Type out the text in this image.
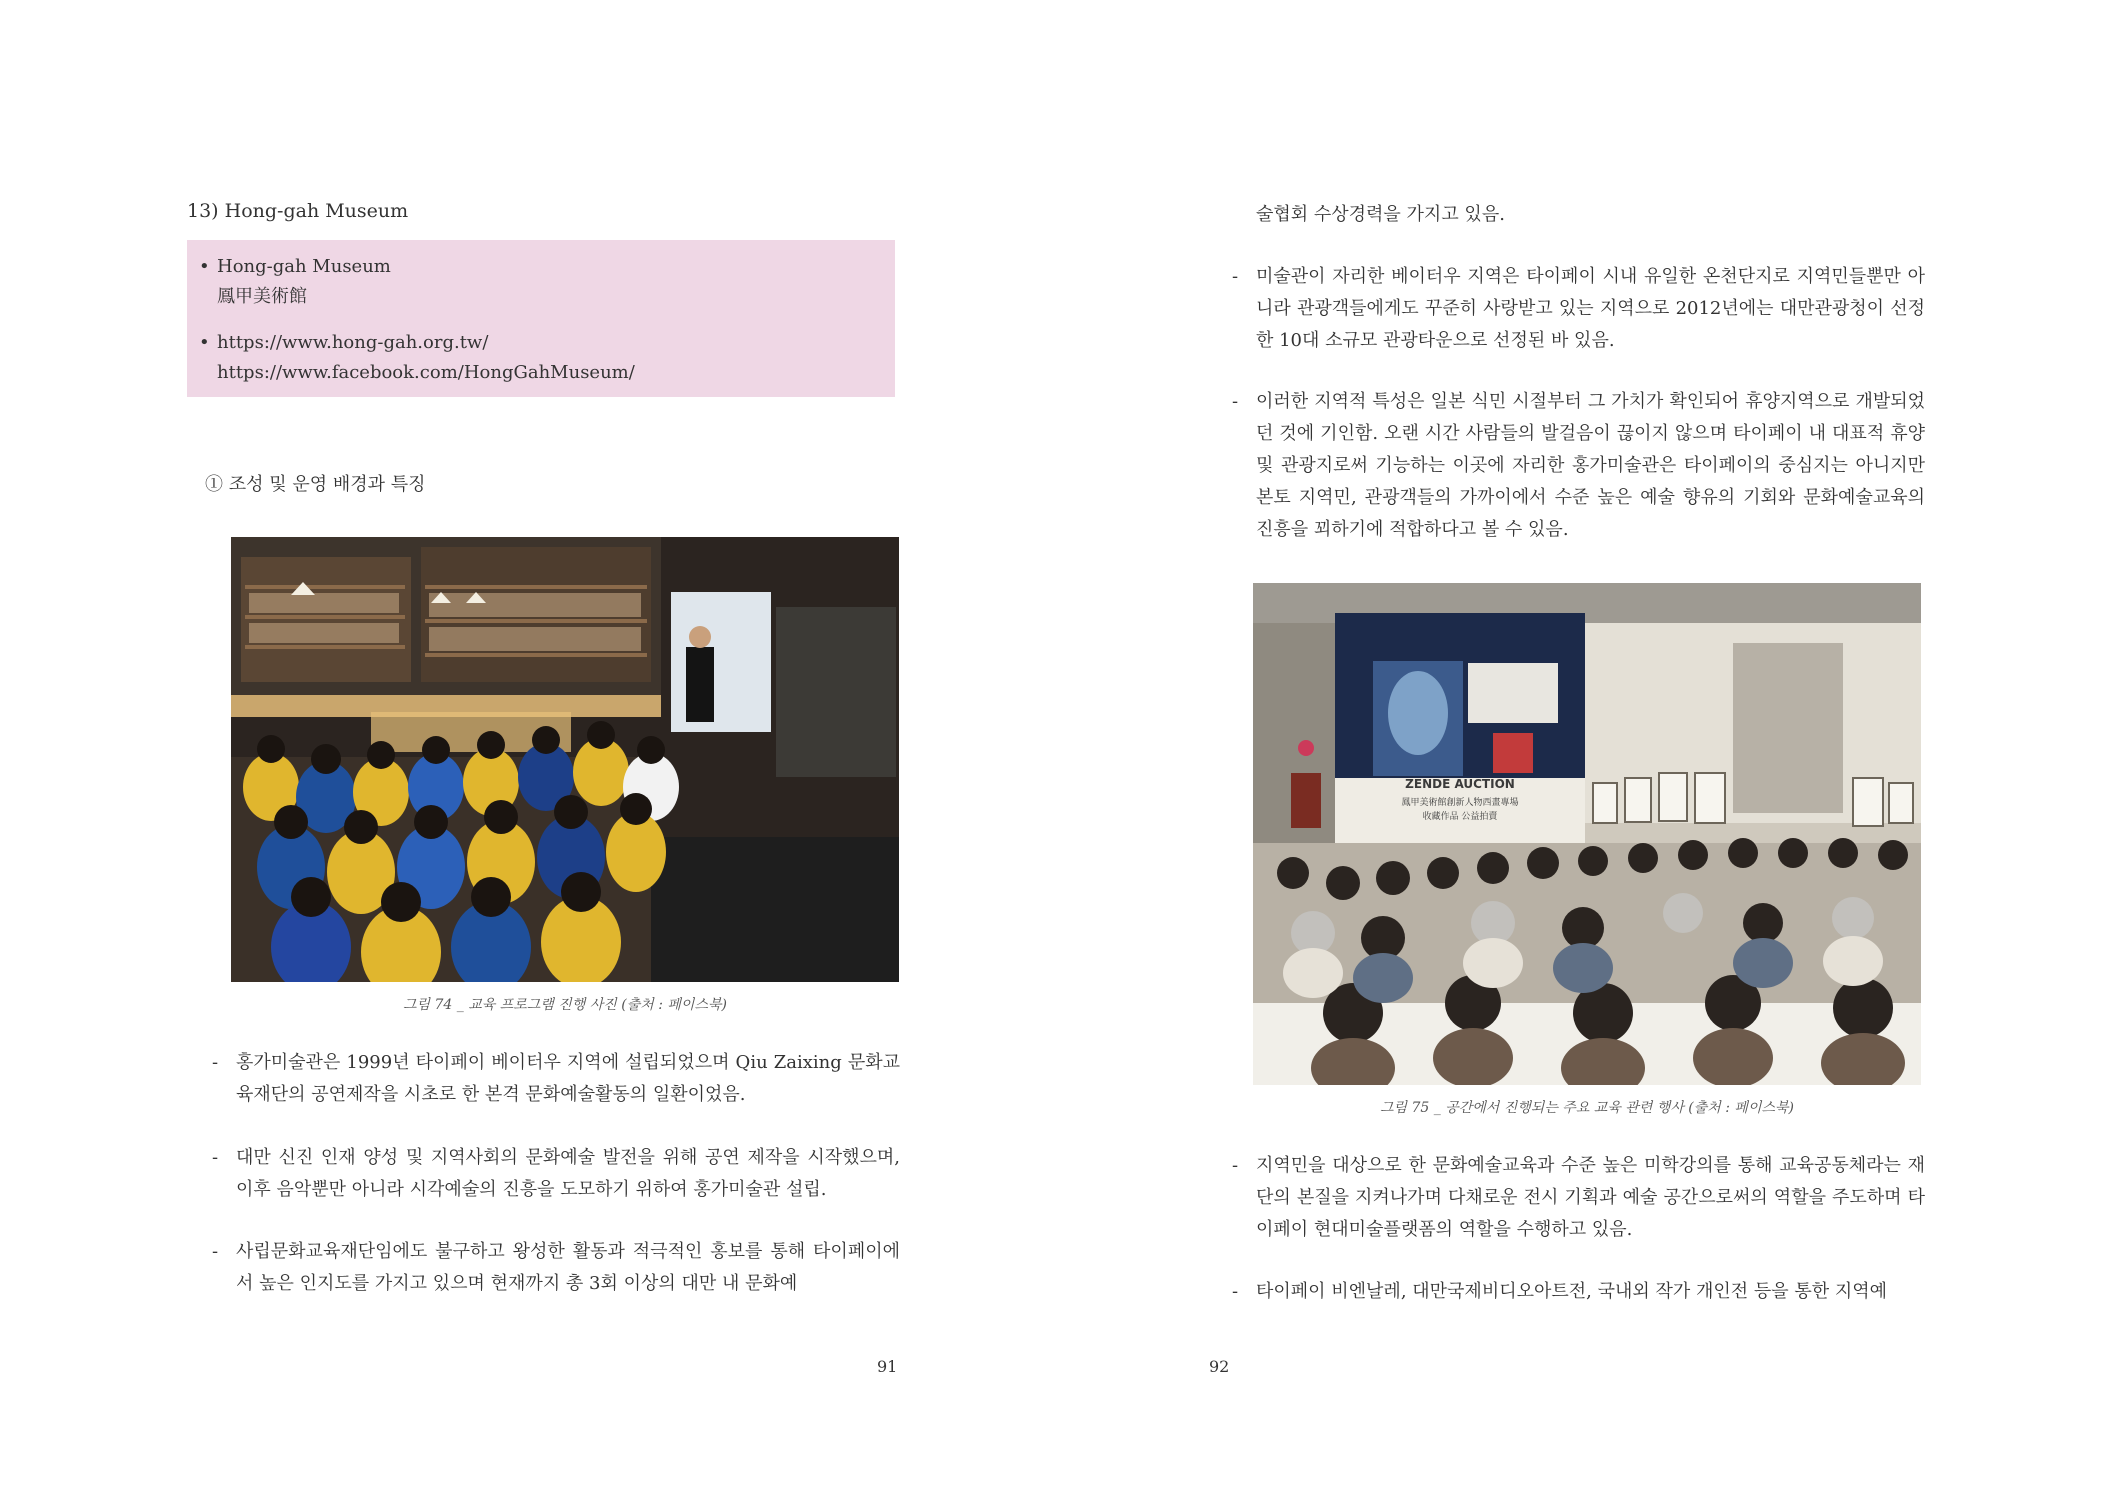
13) Hong-gah Museum
• Hong-gah Museum
鳳甲美術館
• https://www.hong-gah.org.tw/
https://www.facebook.com/HongGahMuseum/
① 조성 및 운영 배경과 특징
그림 74 _ 교육 프로그램 진행 사진 (출처 : 페이스북)
- 홍가미술관은 1999년 타이페이 베이터우 지역에 설립되었으며 Qiu Zaixing 문화교육재단의 공연제작을 시초로 한 본격 문화예술활동의 일환이었음.
- 대만 신진 인재 양성 및 지역사회의 문화예술 발전을 위해 공연 제작을 시작했으며, 이후 음악뿐만 아니라 시각예술의 진흥을 도모하기 위하여 홍가미술관 설립.
- 사립문화교육재단임에도 불구하고 왕성한 활동과 적극적인 홍보를 통해 타이페이에서 높은 인지도를 가지고 있으며 현재까지 총 3회 이상의 대만 내 문화예
91
술협회 수상경력을 가지고 있음.
- 미술관이 자리한 베이터우 지역은 타이페이 시내 유일한 온천단지로 지역민들뿐만 아니라 관광객들에게도 꾸준히 사랑받고 있는 지역으로 2012년에는 대만관광청이 선정한 10대 소규모 관광타운으로 선정된 바 있음.
- 이러한 지역적 특성은 일본 식민 시절부터 그 가치가 확인되어 휴양지역으로 개발되었던 것에 기인함. 오랜 시간 사람들의 발걸음이 끊이지 않으며 타이페이 내 대표적 휴양 및 관광지로써 기능하는 이곳에 자리한 홍가미술관은 타이페이의 중심지는 아니지만 본토 지역민, 관광객들의 가까이에서 수준 높은 예술 향유의 기회와 문화예술교육의 진흥을 꾀하기에 적합하다고 볼 수 있음.
ZENDE AUCTION
鳳甲美術館創新人物西畫專場
收藏作品 公益拍賣
그림 75 _ 공간에서 진행되는 주요 교육 관련 행사 (출처 : 페이스북)
- 지역민을 대상으로 한 문화예술교육과 수준 높은 미학강의를 통해 교육공동체라는 재단의 본질을 지켜나가며 다채로운 전시 기획과 예술 공간으로써의 역할을 주도하며 타이페이 현대미술플랫폼의 역할을 수행하고 있음.
- 타이페이 비엔날레, 대만국제비디오아트전, 국내외 작가 개인전 등을 통한 지역예
92
